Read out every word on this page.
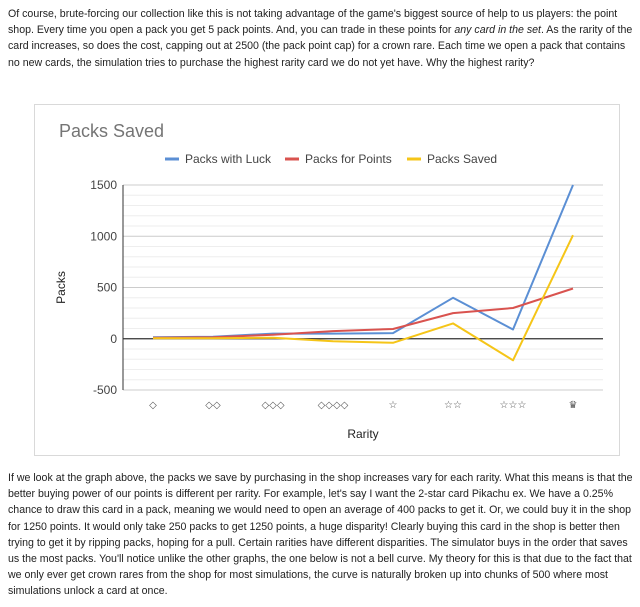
Of course, brute-forcing our collection like this is not taking advantage of the game's biggest source of help to us players: the point shop. Every time you open a pack you get 5 pack points. And, you can trade in these points for any card in the set. As the rarity of the card increases, so does the cost, capping out at 2500 (the pack point cap) for a crown rare. Each time we open a pack that contains no new cards, the simulation tries to purchase the highest rarity card we do not yet have. Why the highest rarity?

Packs Saved
Packs with Luck	Packs for Points	Packs Saved
1500
1000
500
0
-500
Packs
◇	◇◇	◇◇◇	◇◇◇◇	☆	☆☆	☆☆☆	♛
Rarity

If we look at the graph above, the packs we save by purchasing in the shop increases vary for each rarity. What this means is that the better buying power of our points is different per rarity. For example, let's say I want the 2-star card Pikachu ex. We have a 0.25% chance to draw this card in a pack, meaning we would need to open an average of 400 packs to get it. Or, we could buy it in the shop for 1250 points. It would only take 250 packs to get 1250 points, a huge disparity! Clearly buying this card in the shop is better then trying to get it by ripping packs, hoping for a pull. Certain rarities have different disparities. The simulator buys in the order that saves us the most packs. You'll notice unlike the other graphs, the one below is not a bell curve. My theory for this is that due to the fact that we only ever get crown rares from the shop for most simulations, the curve is naturally broken up into chunks of 500 where most simulations unlock a card at once.
